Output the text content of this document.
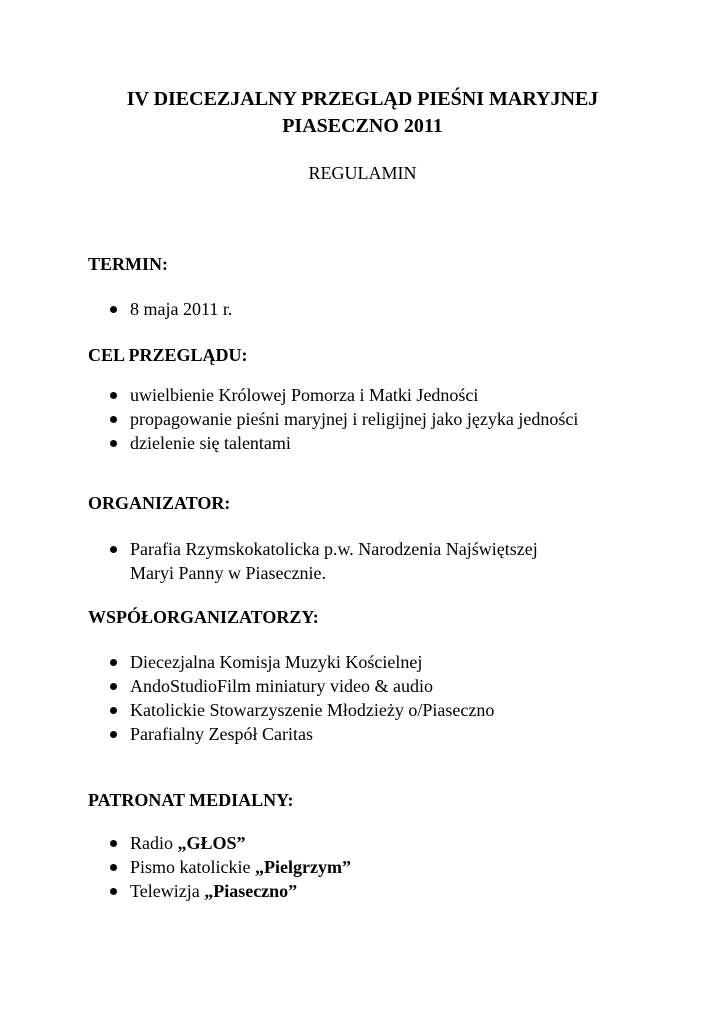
IV DIECEZJALNY PRZEGLĄD PIEŚNI MARYJNEJ
PIASECZNO 2011
REGULAMIN
TERMIN:
8 maja 2011 r.
CEL PRZEGLĄDU:
uwielbienie Królowej Pomorza i Matki Jedności
propagowanie pieśni maryjnej i religijnej jako języka jedności
dzielenie się talentami
ORGANIZATOR:
Parafia Rzymskokatolicka p.w. Narodzenia Najświętszej
Maryi Panny w Piasecznie.
WSPÓŁORGANIZATORZY:
Diecezjalna Komisja Muzyki Kościelnej
AndoStudioFilm miniatury video & audio
Katolickie Stowarzyszenie Młodzieży o/Piaseczno
Parafialny Zespół Caritas
PATRONAT MEDIALNY:
Radio „GŁOS”
Pismo katolickie „Pielgrzym”
Telewizja „Piaseczno”
